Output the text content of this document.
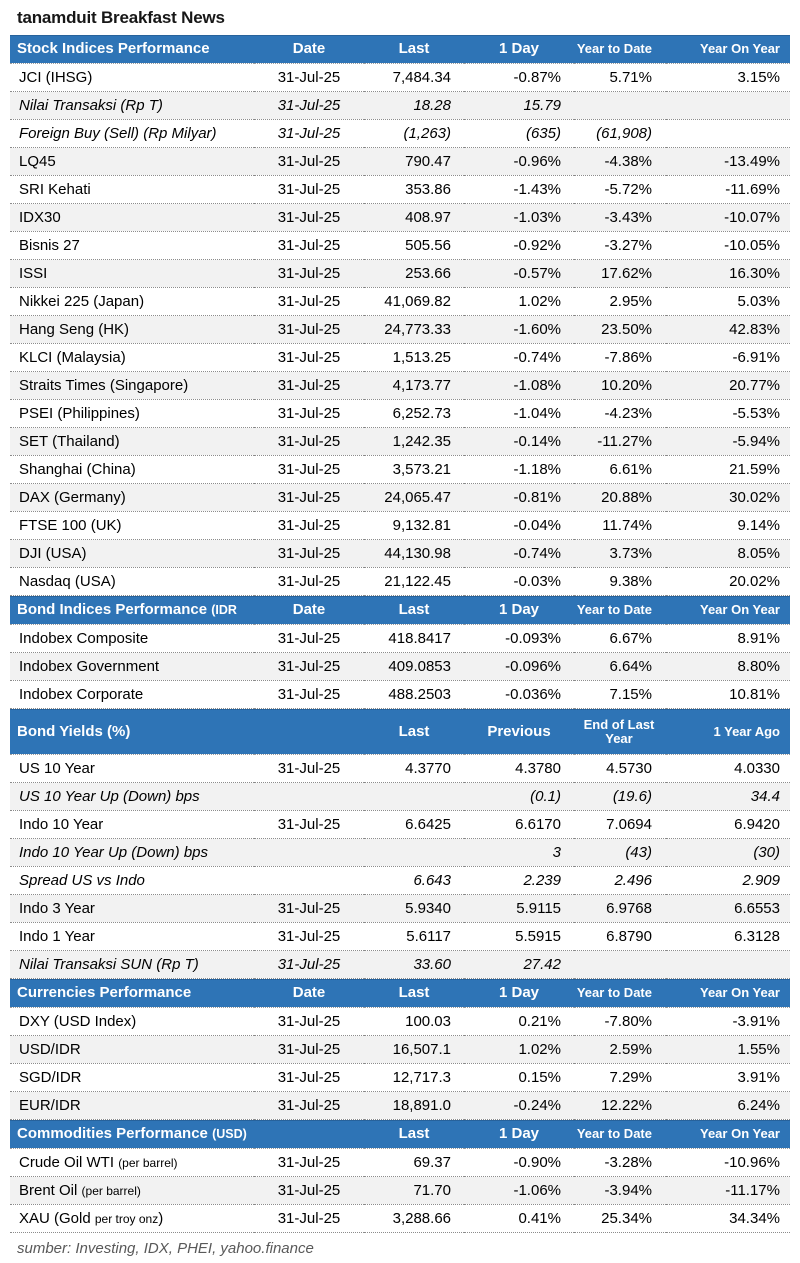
tanamduit Breakfast News
Stock Indices Performance	Date	Last	1 Day	Year to Date	Year On Year
JCI (IHSG)	31-Jul-25	7,484.34	-0.87%	5.71%	3.15%
Nilai Transaksi (Rp T)	31-Jul-25	18.28	15.79		
Foreign Buy (Sell) (Rp Milyar)	31-Jul-25	(1,263)	(635)	(61,908)	
LQ45	31-Jul-25	790.47	-0.96%	-4.38%	-13.49%
SRI Kehati	31-Jul-25	353.86	-1.43%	-5.72%	-11.69%
IDX30	31-Jul-25	408.97	-1.03%	-3.43%	-10.07%
Bisnis 27	31-Jul-25	505.56	-0.92%	-3.27%	-10.05%
ISSI	31-Jul-25	253.66	-0.57%	17.62%	16.30%
Nikkei 225 (Japan)	31-Jul-25	41,069.82	1.02%	2.95%	5.03%
Hang Seng (HK)	31-Jul-25	24,773.33	-1.60%	23.50%	42.83%
KLCI (Malaysia)	31-Jul-25	1,513.25	-0.74%	-7.86%	-6.91%
Straits Times (Singapore)	31-Jul-25	4,173.77	-1.08%	10.20%	20.77%
PSEI (Philippines)	31-Jul-25	6,252.73	-1.04%	-4.23%	-5.53%
SET (Thailand)	31-Jul-25	1,242.35	-0.14%	-11.27%	-5.94%
Shanghai (China)	31-Jul-25	3,573.21	-1.18%	6.61%	21.59%
DAX (Germany)	31-Jul-25	24,065.47	-0.81%	20.88%	30.02%
FTSE 100 (UK)	31-Jul-25	9,132.81	-0.04%	11.74%	9.14%
DJI (USA)	31-Jul-25	44,130.98	-0.74%	3.73%	8.05%
Nasdaq (USA)	31-Jul-25	21,122.45	-0.03%	9.38%	20.02%
Bond Indices Performance (IDR	Date	Last	1 Day	Year to Date	Year On Year
Indobex Composite	31-Jul-25	418.8417	-0.093%	6.67%	8.91%
Indobex Government	31-Jul-25	409.0853	-0.096%	6.64%	8.80%
Indobex Corporate	31-Jul-25	488.2503	-0.036%	7.15%	10.81%
Bond Yields (%)		Last	Previous	End of Last Year	1 Year Ago
US 10 Year	31-Jul-25	4.3770	4.3780	4.5730	4.0330
US 10 Year Up (Down) bps			(0.1)	(19.6)	34.4
Indo 10 Year	31-Jul-25	6.6425	6.6170	7.0694	6.9420
Indo 10 Year Up (Down) bps			3	(43)	(30)
Spread US vs Indo		6.643	2.239	2.496	2.909
Indo 3 Year	31-Jul-25	5.9340	5.9115	6.9768	6.6553
Indo 1 Year	31-Jul-25	5.6117	5.5915	6.8790	6.3128
Nilai Transaksi SUN (Rp T)	31-Jul-25	33.60	27.42		
Currencies Performance	Date	Last	1 Day	Year to Date	Year On Year
DXY (USD Index)	31-Jul-25	100.03	0.21%	-7.80%	-3.91%
USD/IDR	31-Jul-25	16,507.1	1.02%	2.59%	1.55%
SGD/IDR	31-Jul-25	12,717.3	0.15%	7.29%	3.91%
EUR/IDR	31-Jul-25	18,891.0	-0.24%	12.22%	6.24%
Commodities Performance (USD)		Last	1 Day	Year to Date	Year On Year
Crude Oil WTI (per barrel)	31-Jul-25	69.37	-0.90%	-3.28%	-10.96%
Brent Oil (per barrel)	31-Jul-25	71.70	-1.06%	-3.94%	-11.17%
XAU (Gold per troy onz)	31-Jul-25	3,288.66	0.41%	25.34%	34.34%
sumber: Investing, IDX, PHEI, yahoo.finance
